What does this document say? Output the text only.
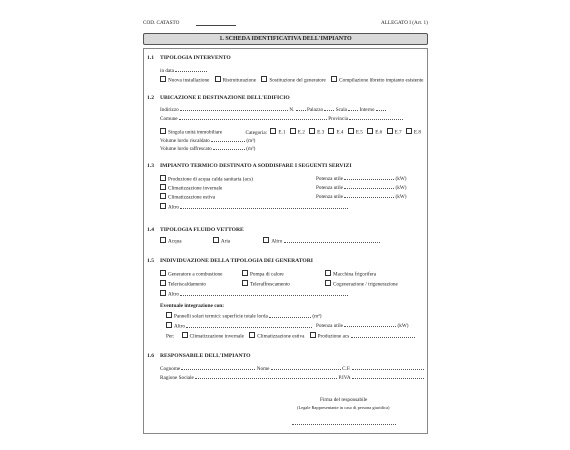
COD. CATASTO	ALLEGATO I (Art. 1)
1. SCHEDA IDENTIFICATIVA DELL'IMPIANTO
1.1 TIPOLOGIA INTERVENTO
in data
Nuova installazione	Ristrutturazione	Sostituzione del generatore	Compilazione libretto impianto esistente
1.2 UBICAZIONE E DESTINAZIONE DELL'EDIFICIO
Indirizzo	N. Palazzo Scala Interno
Comune	Provincia
Singola unità immobiliare	Categoria: E.1 E.2 E.3 E.4 E.5 E.6 E.7 E.8
Volume lordo riscaldato	(m³)
Volume lordo raffrescato	(m³)
1.3 IMPIANTO TERMICO DESTINATO A SODDISFARE I SEGUENTI SERVIZI
Produzione di acqua calda sanitaria (acs)	Potenza utile	(kW)
Climatizzazione invernale	Potenza utile	(kW)
Climatizzazione estiva	Potenza utile	(kW)
Altro
1.4 TIPOLOGIA FLUIDO VETTORE
Acqua	Aria	Altro
1.5 INDIVIDUAZIONE DELLA TIPOLOGIA DEI GENERATORI
Generatore a combustione	Pompa di calore	Macchina frigorifera
Teleriscaldamento	Teleraffrescamento	Cogenerazione / trigenerazione
Altro
Eventuale integrazione con:
Pannelli solari termici: superficie totale lorda	(m²)
Altro	Potenza utile	(kW)
Per:	Climatizzazione invernale	Climatizzazione estiva	Produzione acs
1.6 RESPONSABILE DELL'IMPIANTO
Cognome	Nome	C.F.
Ragione Sociale	P.IVA
Firma del responsabile
(Legale Rappresentante in caso di persona giuridica)
